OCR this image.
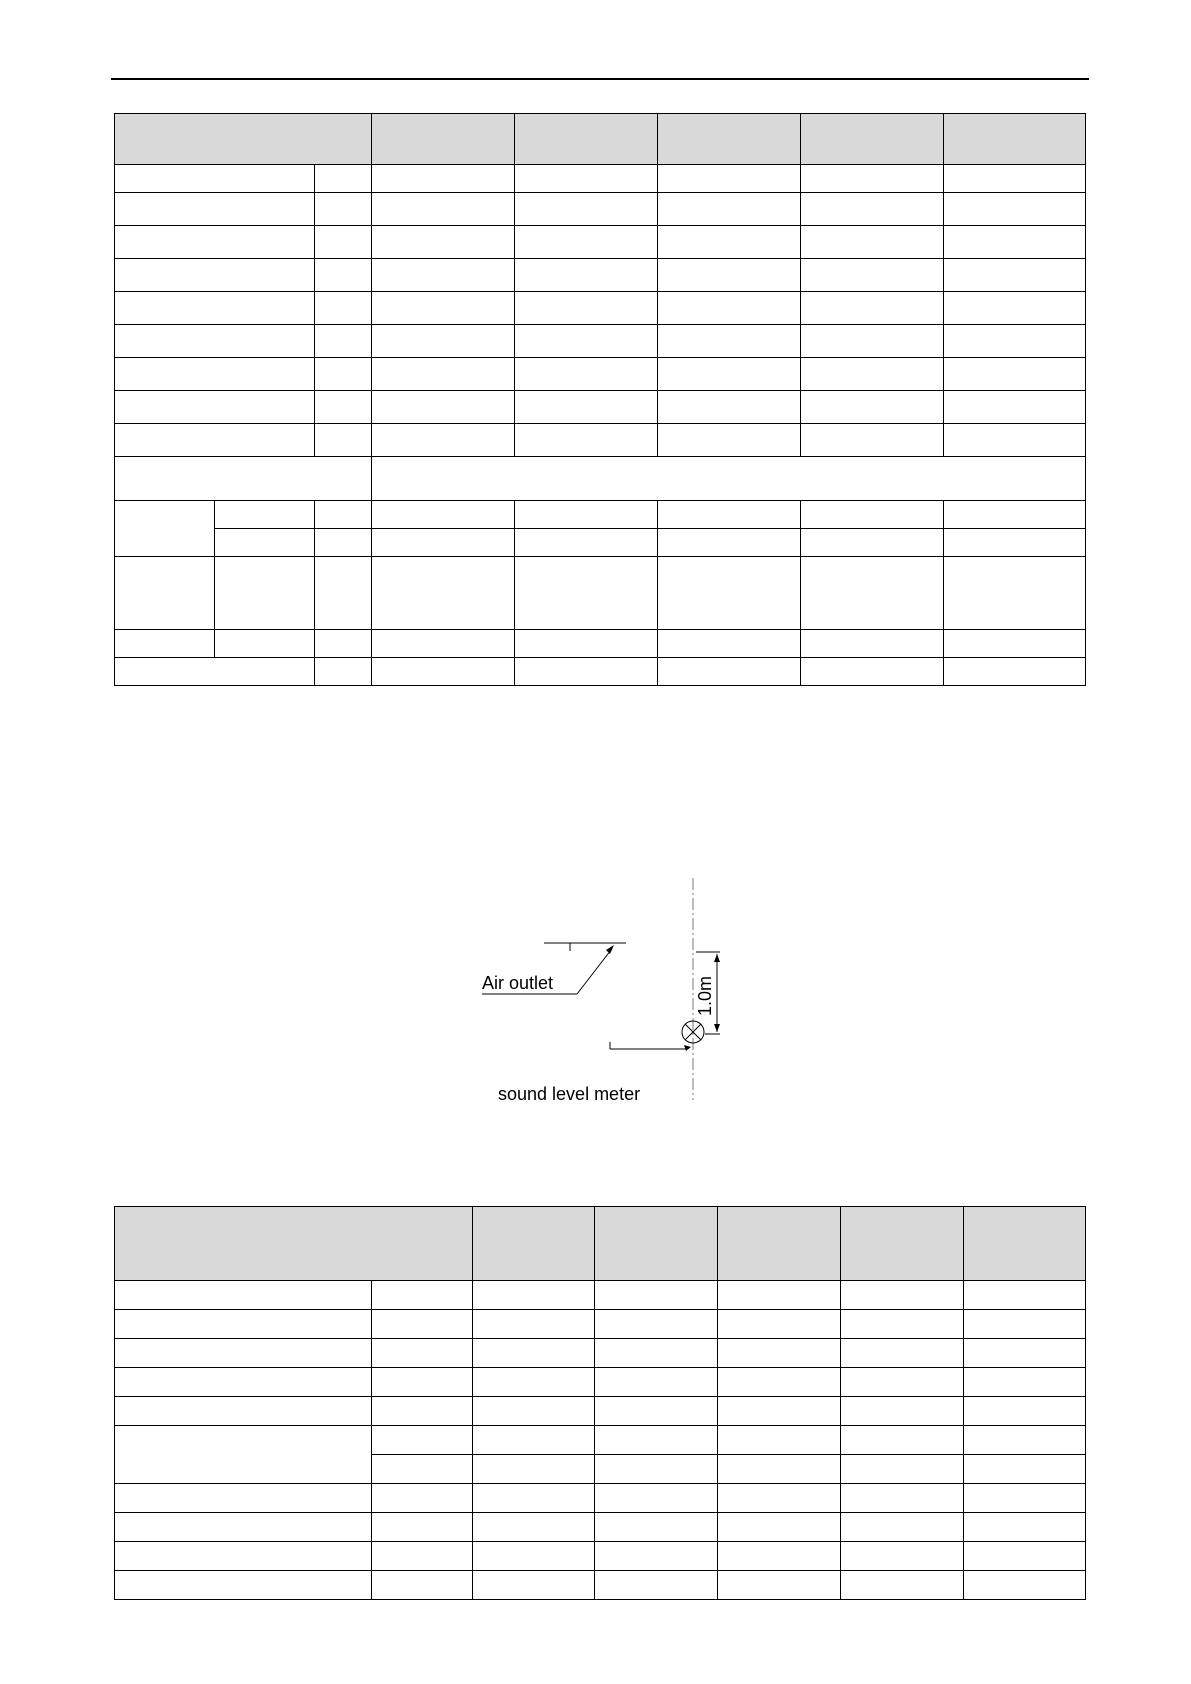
Air outlet	1.0m
sound level meter
